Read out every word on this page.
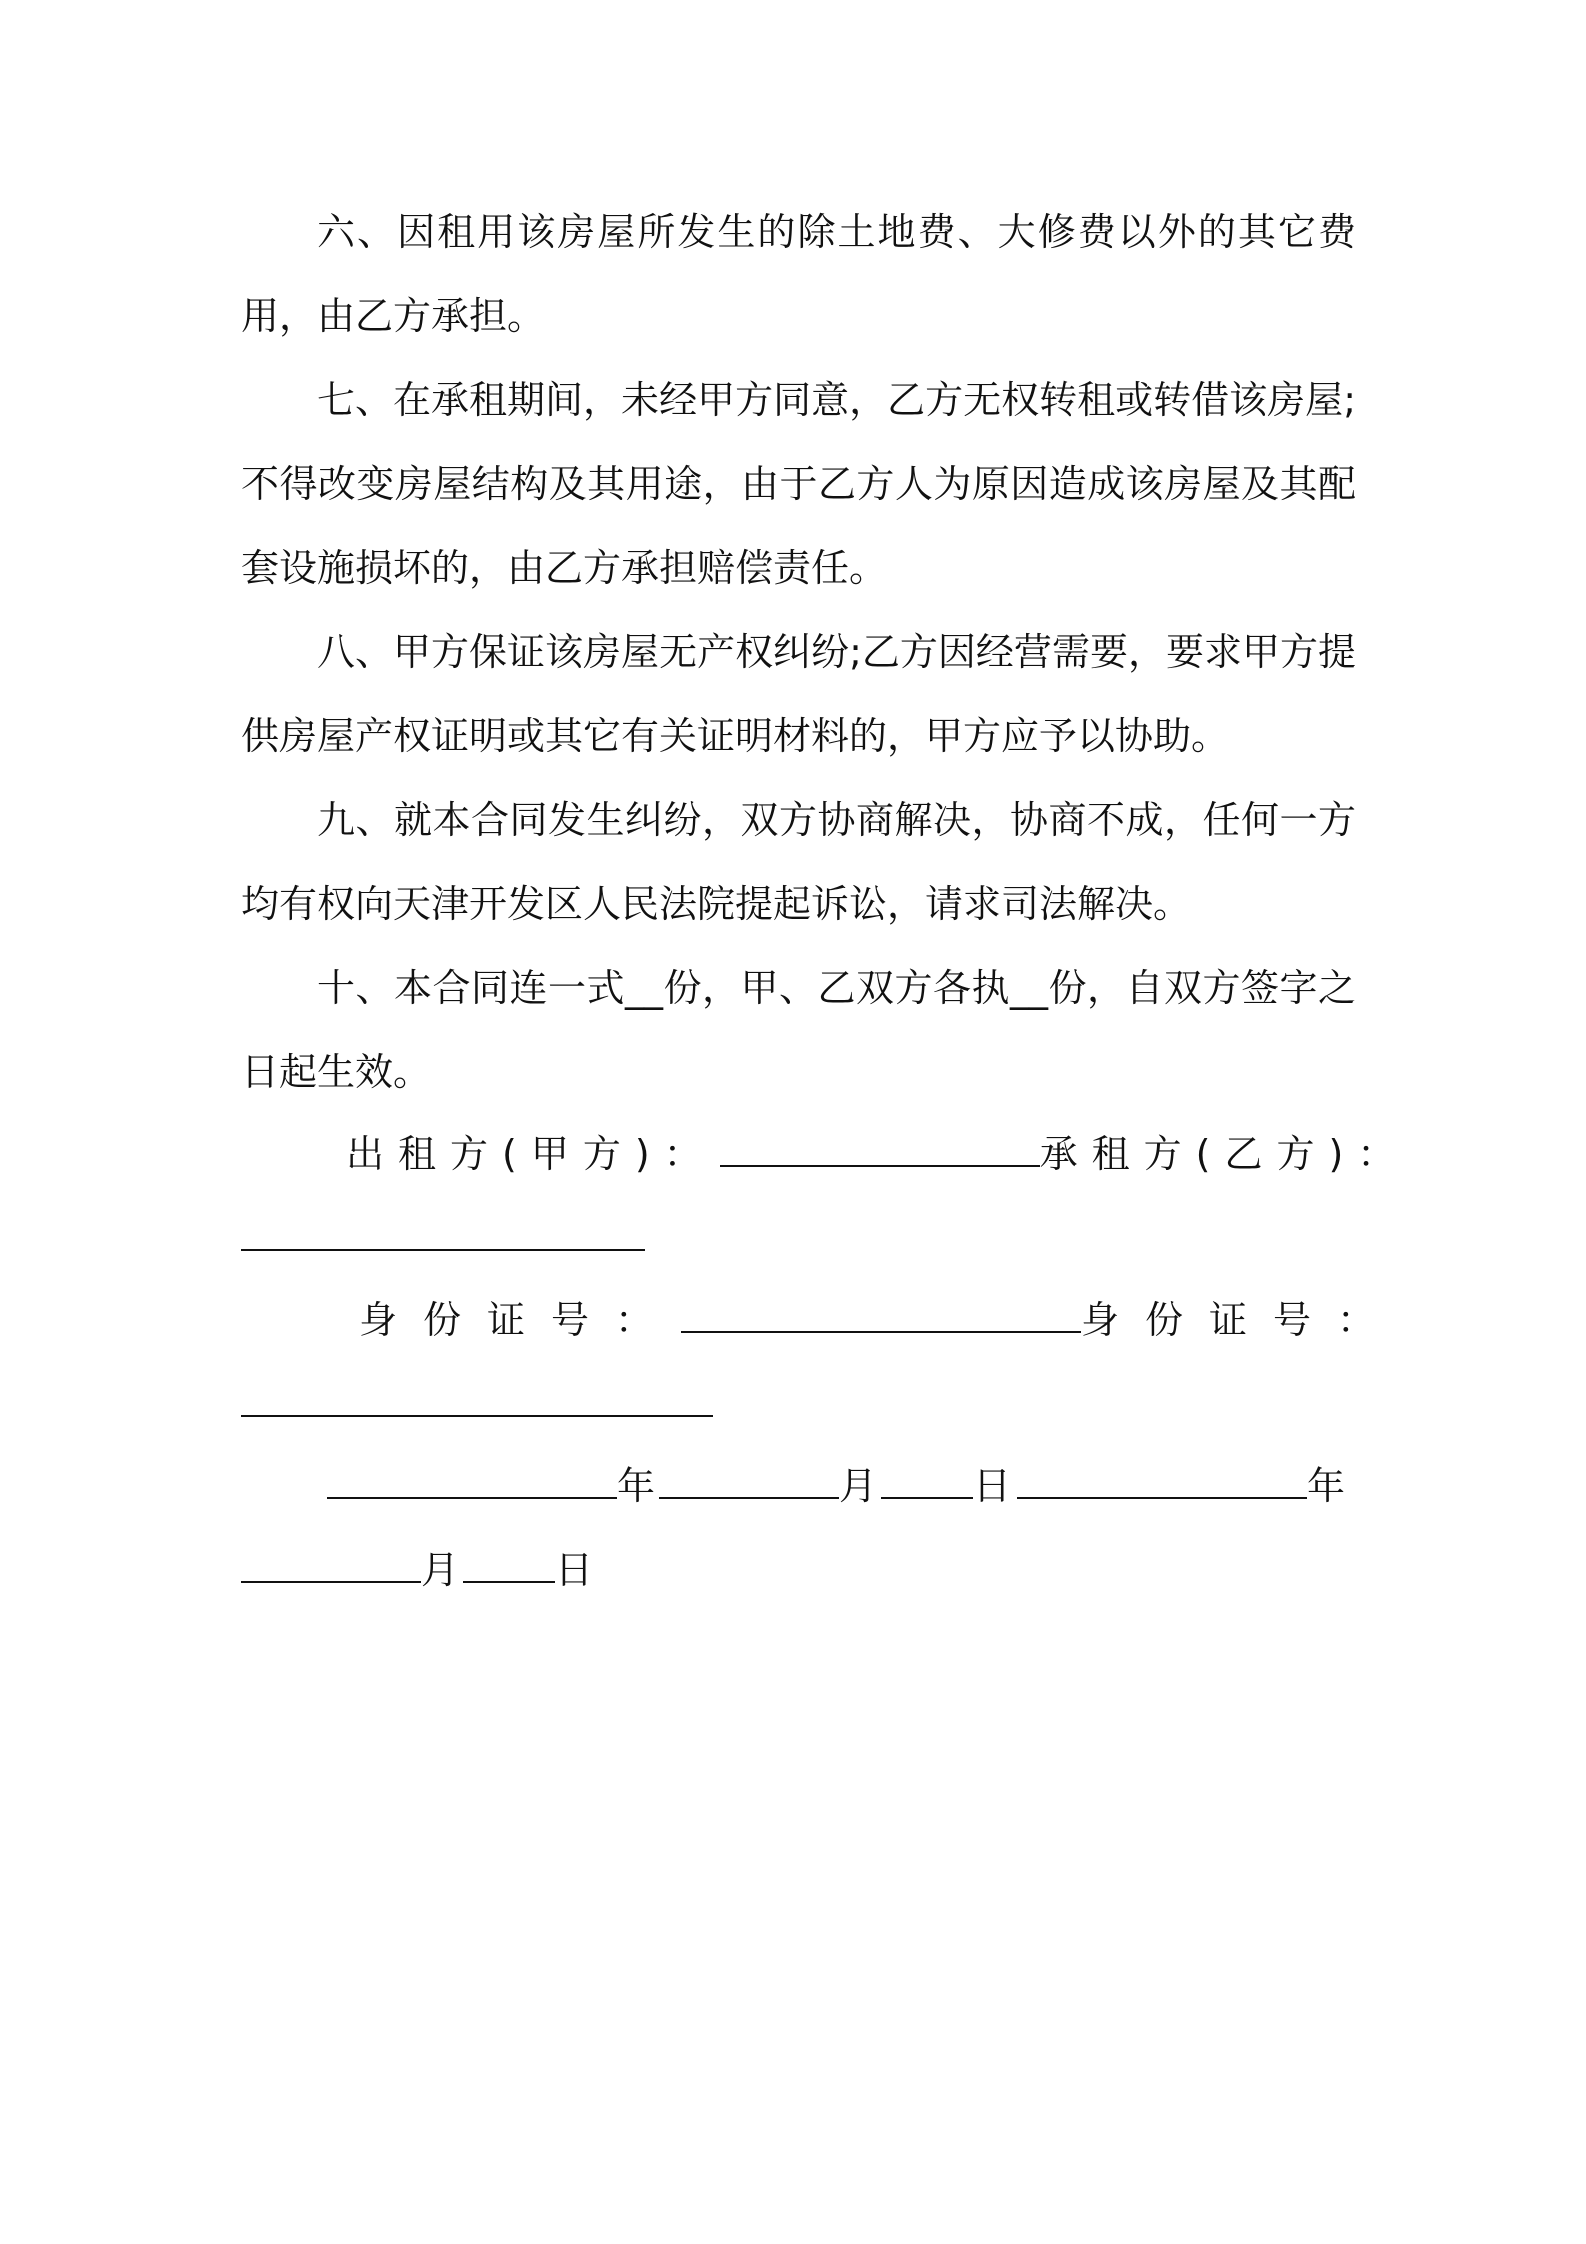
六、因租用该房屋所发生的除土地费、大修费以外的其它费用，由乙方承担。

七、在承租期间，未经甲方同意，乙方无权转租或转借该房屋;不得改变房屋结构及其用途，由于乙方人为原因造成该房屋及其配套设施损坏的，由乙方承担赔偿责任。

八、甲方保证该房屋无产权纠纷;乙方因经营需要，要求甲方提供房屋产权证明或其它有关证明材料的，甲方应予以协助。

九、就本合同发生纠纷，双方协商解决，协商不成，任何一方均有权向天津开发区人民法院提起诉讼，请求司法解决。

十、本合同连一式__份，甲、乙双方各执__份，自双方签字之日起生效。

出租方(甲方)：	承租方(乙方)：
身份证号：	身份证号：
年	月	日	年
月	日
